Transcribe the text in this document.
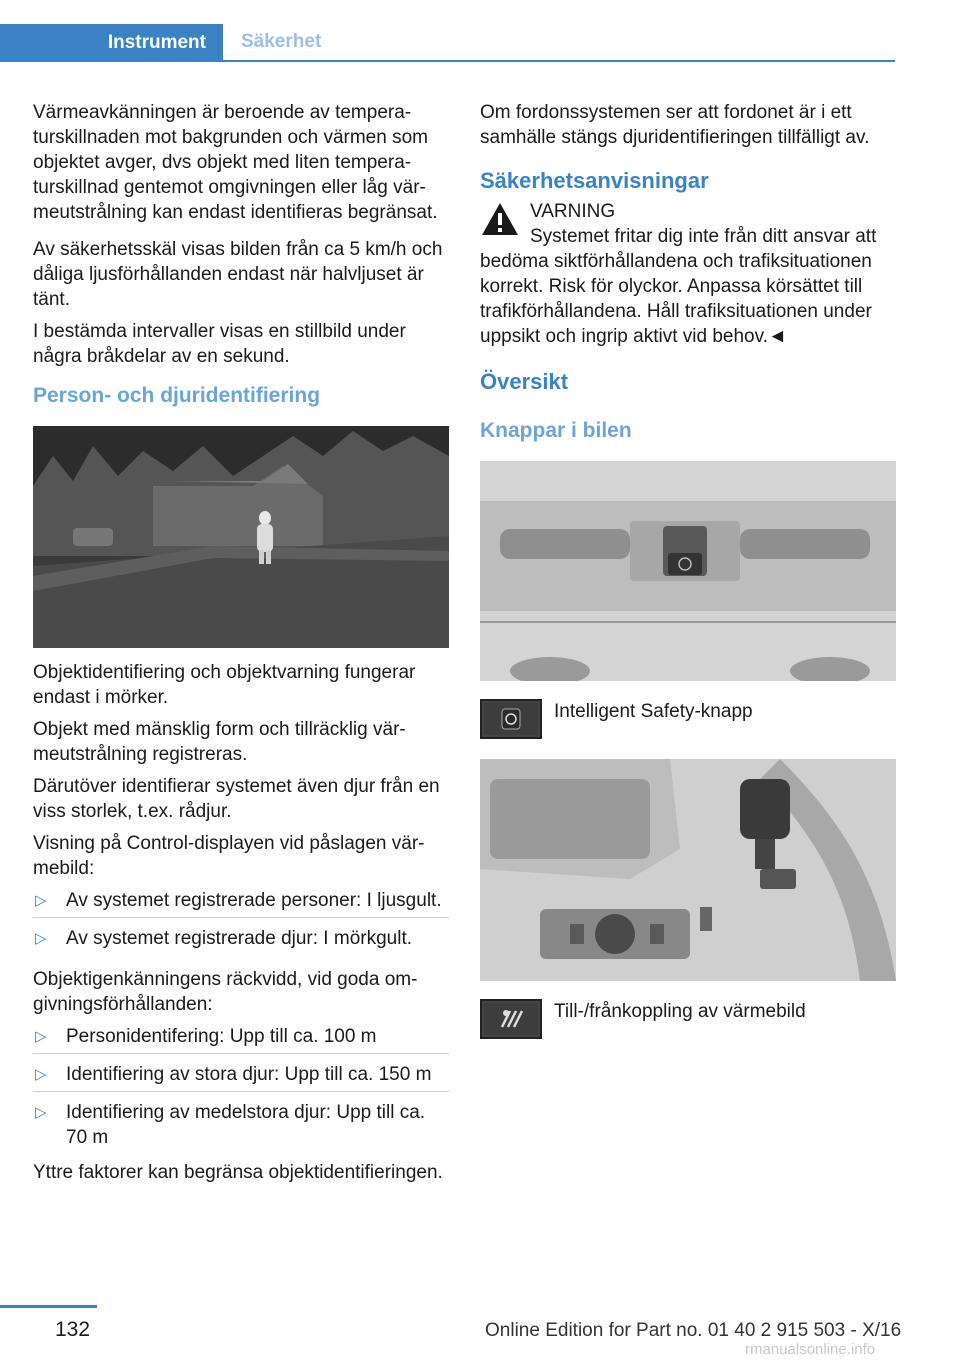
Instrument	Säkerhet

Värmeavkänningen är beroende av temperaturskillnaden mot bakgrunden och värmen som objektet avger, dvs objekt med liten temperaturskillnad gentemot omgivningen eller låg värmeutstrålning kan endast identifieras begränsat.

Av säkerhetsskäl visas bilden från ca 5 km/h och dåliga ljusförhållanden endast när halvljuset är tänt.

I bestämda intervaller visas en stillbild under några bråkdelar av en sekund.

Person- och djuridentifiering

Objektidentifiering och objektvarning fungerar endast i mörker.

Objekt med mänsklig form och tillräcklig värmeutstrålning registreras.

Därutöver identifierar systemet även djur från en viss storlek, t.ex. rådjur.

Visning på Control-displayen vid påslagen värmebild:

▷ Av systemet registrerade personer: I ljusgult.
▷ Av systemet registrerade djur: I mörkgult.

Objektigenkänningens räckvidd, vid goda omgivningsförhållanden:

▷ Personidentifering: Upp till ca. 100 m
▷ Identifiering av stora djur: Upp till ca. 150 m
▷ Identifiering av medelstora djur: Upp till ca. 70 m

Yttre faktorer kan begränsa objektidentifieringen.

Om fordonssystemen ser att fordonet är i ett samhälle stängs djuridentifieringen tillfälligt av.

Säkerhetsanvisningar
VARNING
Systemet fritar dig inte från ditt ansvar att bedöma siktförhållandena och trafiksituationen korrekt. Risk för olyckor. Anpassa körsättet till trafikförhållandena. Håll trafiksituationen under uppsikt och ingrip aktivt vid behov.◄
Översikt
Knappar i bilen
Intelligent Safety-knapp
Till-/frånkoppling av värmebild
132	Online Edition for Part no. 01 40 2 915 503 - X/16
rmanualsonline.info
